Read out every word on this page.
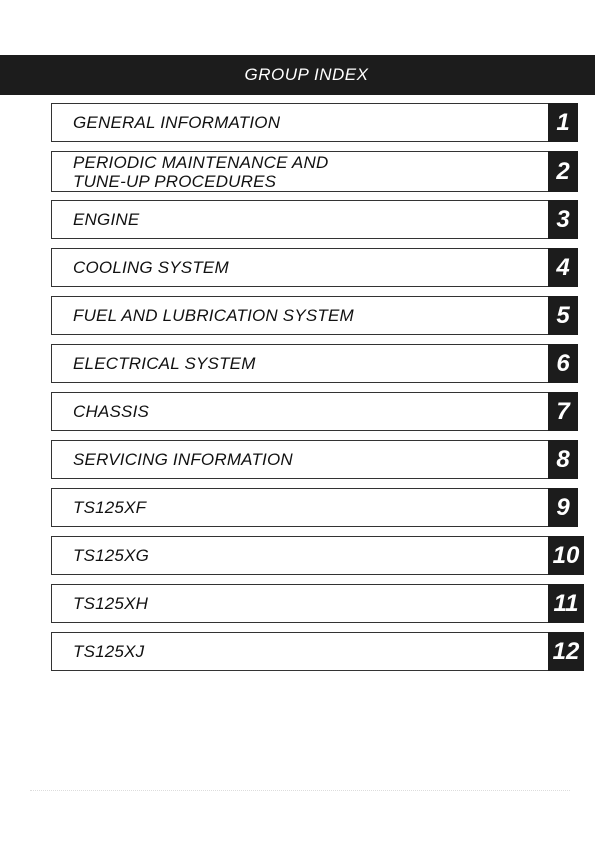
GROUP INDEX
GENERAL INFORMATION	1
PERIODIC MAINTENANCE AND
TUNE-UP PROCEDURES	2
ENGINE	3
COOLING SYSTEM	4
FUEL AND LUBRICATION SYSTEM	5
ELECTRICAL SYSTEM	6
CHASSIS	7
SERVICING INFORMATION	8
TS125XF	9
TS125XG	10
TS125XH	11
TS125XJ	12
